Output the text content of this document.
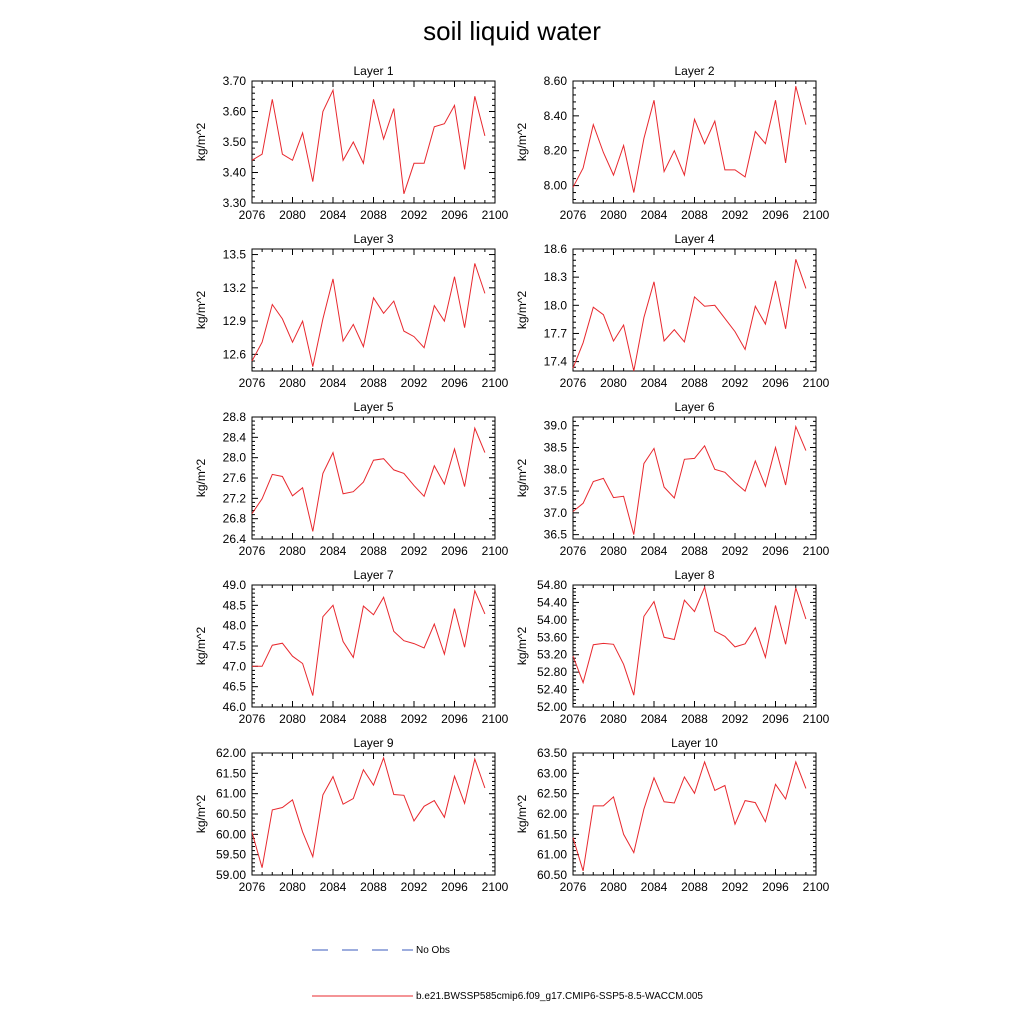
soil liquid water
Layer 1
kg/m^2
2076 2080 2084 2088 2092 2096 2100
3.30
3.40
3.50
3.60
3.70
Layer 2
kg/m^2
2076 2080 2084 2088 2092 2096 2100
8.00
8.20
8.40
8.60
Layer 3
kg/m^2
2076 2080 2084 2088 2092 2096 2100
12.6
12.9
13.2
13.5
Layer 4
kg/m^2
2076 2080 2084 2088 2092 2096 2100
17.4
17.7
18.0
18.3
18.6
Layer 5
kg/m^2
2076 2080 2084 2088 2092 2096 2100
26.4
26.8
27.2
27.6
28.0
28.4
28.8
Layer 6
kg/m^2
2076 2080 2084 2088 2092 2096 2100
36.5
37.0
37.5
38.0
38.5
39.0
Layer 7
kg/m^2
2076 2080 2084 2088 2092 2096 2100
46.0
46.5
47.0
47.5
48.0
48.5
49.0
Layer 8
kg/m^2
2076 2080 2084 2088 2092 2096 2100
52.00
52.40
52.80
53.20
53.60
54.00
54.40
54.80
Layer 9
kg/m^2
2076 2080 2084 2088 2092 2096 2100
59.00
59.50
60.00
60.50
61.00
61.50
62.00
Layer 10
kg/m^2
2076 2080 2084 2088 2092 2096 2100
60.50
61.00
61.50
62.00
62.50
63.00
63.50
No Obs
b.e21.BWSSP585cmip6.f09_g17.CMIP6-SSP5-8.5-WACCM.005
